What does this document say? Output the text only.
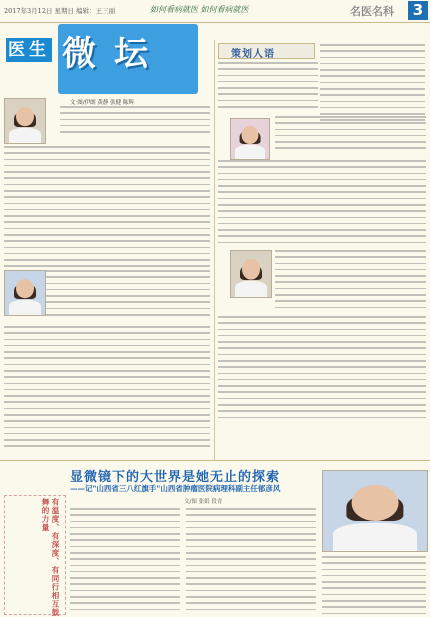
2017年3月12日 星期日 编辑：王三丽	如何看病就医 如何看病就医	名医名科	3
微坛
医生
文·图/伊朗 黄静 张健 陈辉
策划人语
显微镜下的大世界是她无止的探索
——记"山西省三八红旗手"山西省肿瘤医院病理科副主任郁彦风
文/图 张娟 段青
有温度、有深度、有同行相互鼓舞的力量
